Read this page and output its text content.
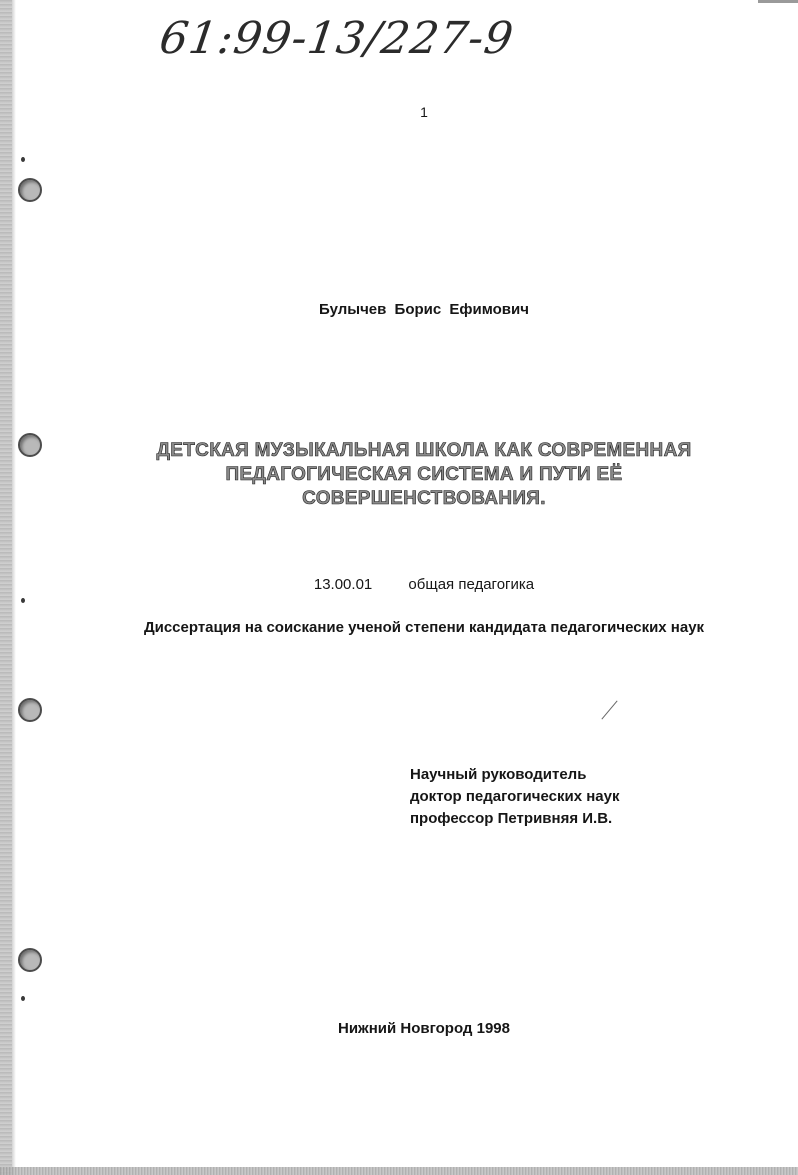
61:99-13/227-9
1
Булычев Борис Ефимович
ДЕТСКАЯ МУЗЫКАЛЬНАЯ ШКОЛА КАК СОВРЕМЕННАЯ
ПЕДАГОГИЧЕСКАЯ СИСТЕМА И ПУТИ ЕЁ
СОВЕРШЕНСТВОВАНИЯ.
13.00.01 общая педагогика
Диссертация на соискание ученой степени кандидата педагогических наук
Научный руководитель
доктор педагогических наук
профессор Петривняя И.В.
Нижний Новгород 1998
